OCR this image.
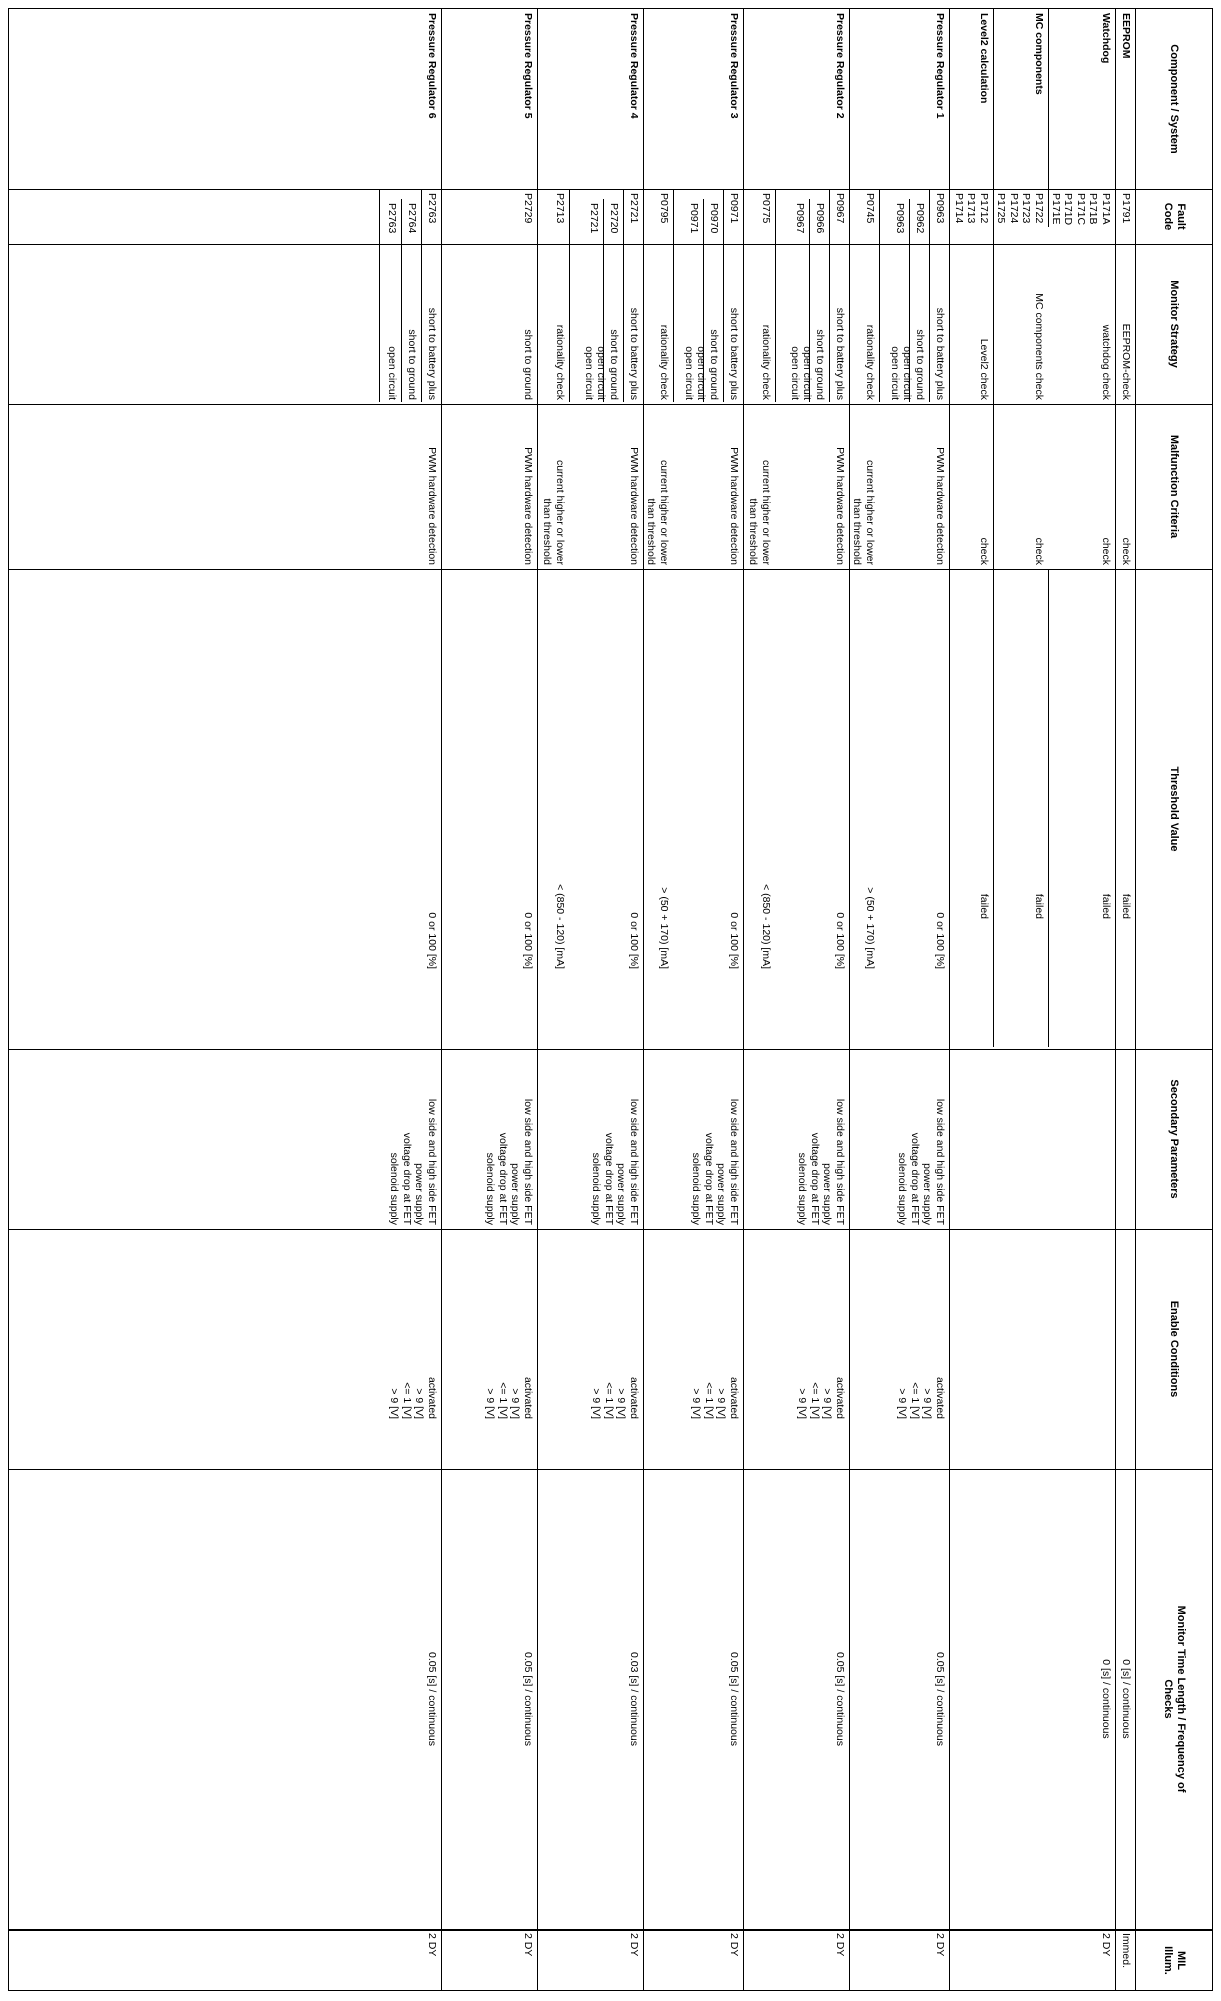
Component / System
Fault
Code
Monitor Strategy
Malfunction Criteria
Threshold Value
Secondary Parameters
Enable Conditions
Monitor Time Length / Frequency of
Checks
MIL
Illum.
EEPROM
P1791
EEPROM-check
check
failed
0 [s] / continuous
Immed.
Watchdog
P171A
P171B
P171C
P171D
P171E
watchdog check
check
failed
0 [s] / continuous
2 DY
MC components
P1722
P1723
P1724
P1725
MC components check
check
failed
Level2 calculation
P1712
P1713
P1714
Level2 check
check
failed
Pressure Regulator 1
P0963
short to battery plus
PWM hardware detection
0 or 100 [%]
low side and high side FET
power supply
voltage drop at FET
solenoid supply
activated
> 9 [V]
<= 1 [V]
> 9 [V]
0.05 [s] / continuous
2 DY
P0962
short to ground
open circuit
open circuit
P0963
P0745
rationality check
current higher or lower
than threshold
> (50 + 170) [mA]
Pressure Regulator 2
P0967
short to battery plus
PWM hardware detection
0 or 100 [%]
low side and high side FET
power supply
voltage drop at FET
solenoid supply
activated
> 9 [V]
<= 1 [V]
> 9 [V]
0.05 [s] / continuous
2 DY
P0966
short to ground
open circuit
open circuit
P0967
P0775
rationality check
current higher or lower
than threshold
< (850 - 120) [mA]
Pressure Regulator 3
P0971
short to battery plus
PWM hardware detection
0 or 100 [%]
low side and high side FET
power supply
voltage drop at FET
solenoid supply
activated
> 9 [V]
<= 1 [V]
> 9 [V]
0.05 [s] / continuous
2 DY
P0970
short to ground
open circuit
open circuit
P0971
P0795
rationality check
current higher or lower
than threshold
> (50 + 170) [mA]
Pressure Regulator 4
P2721
short to battery plus
PWM hardware detection
0 or 100 [%]
low side and high side FET
power supply
voltage drop at FET
solenoid supply
activated
> 9 [V]
<= 1 [V]
> 9 [V]
0.03 [s] / continuous
2 DY
P2720
short to ground
open circuit
open circuit
P2721
P2713
rationality check
current higher or lower
than threshold
< (850 - 120) [mA]
Pressure Regulator 5
P2729
short to ground
PWM hardware detection
0 or 100 [%]
low side and high side FET
power supply
voltage drop at FET
solenoid supply
activated
> 9 [V]
<= 1 [V]
> 9 [V]
0.05 [s] / continuous
2 DY
Pressure Regulator 6
P2763
short to battery plus
PWM hardware detection
0 or 100 [%]
low side and high side FET
power supply
voltage drop at FET
solenoid supply
activated
> 9 [V]
<= 1 [V]
> 9 [V]
0.05 [s] / continuous
2 DY
P2764
short to ground
P2763
open circuit
